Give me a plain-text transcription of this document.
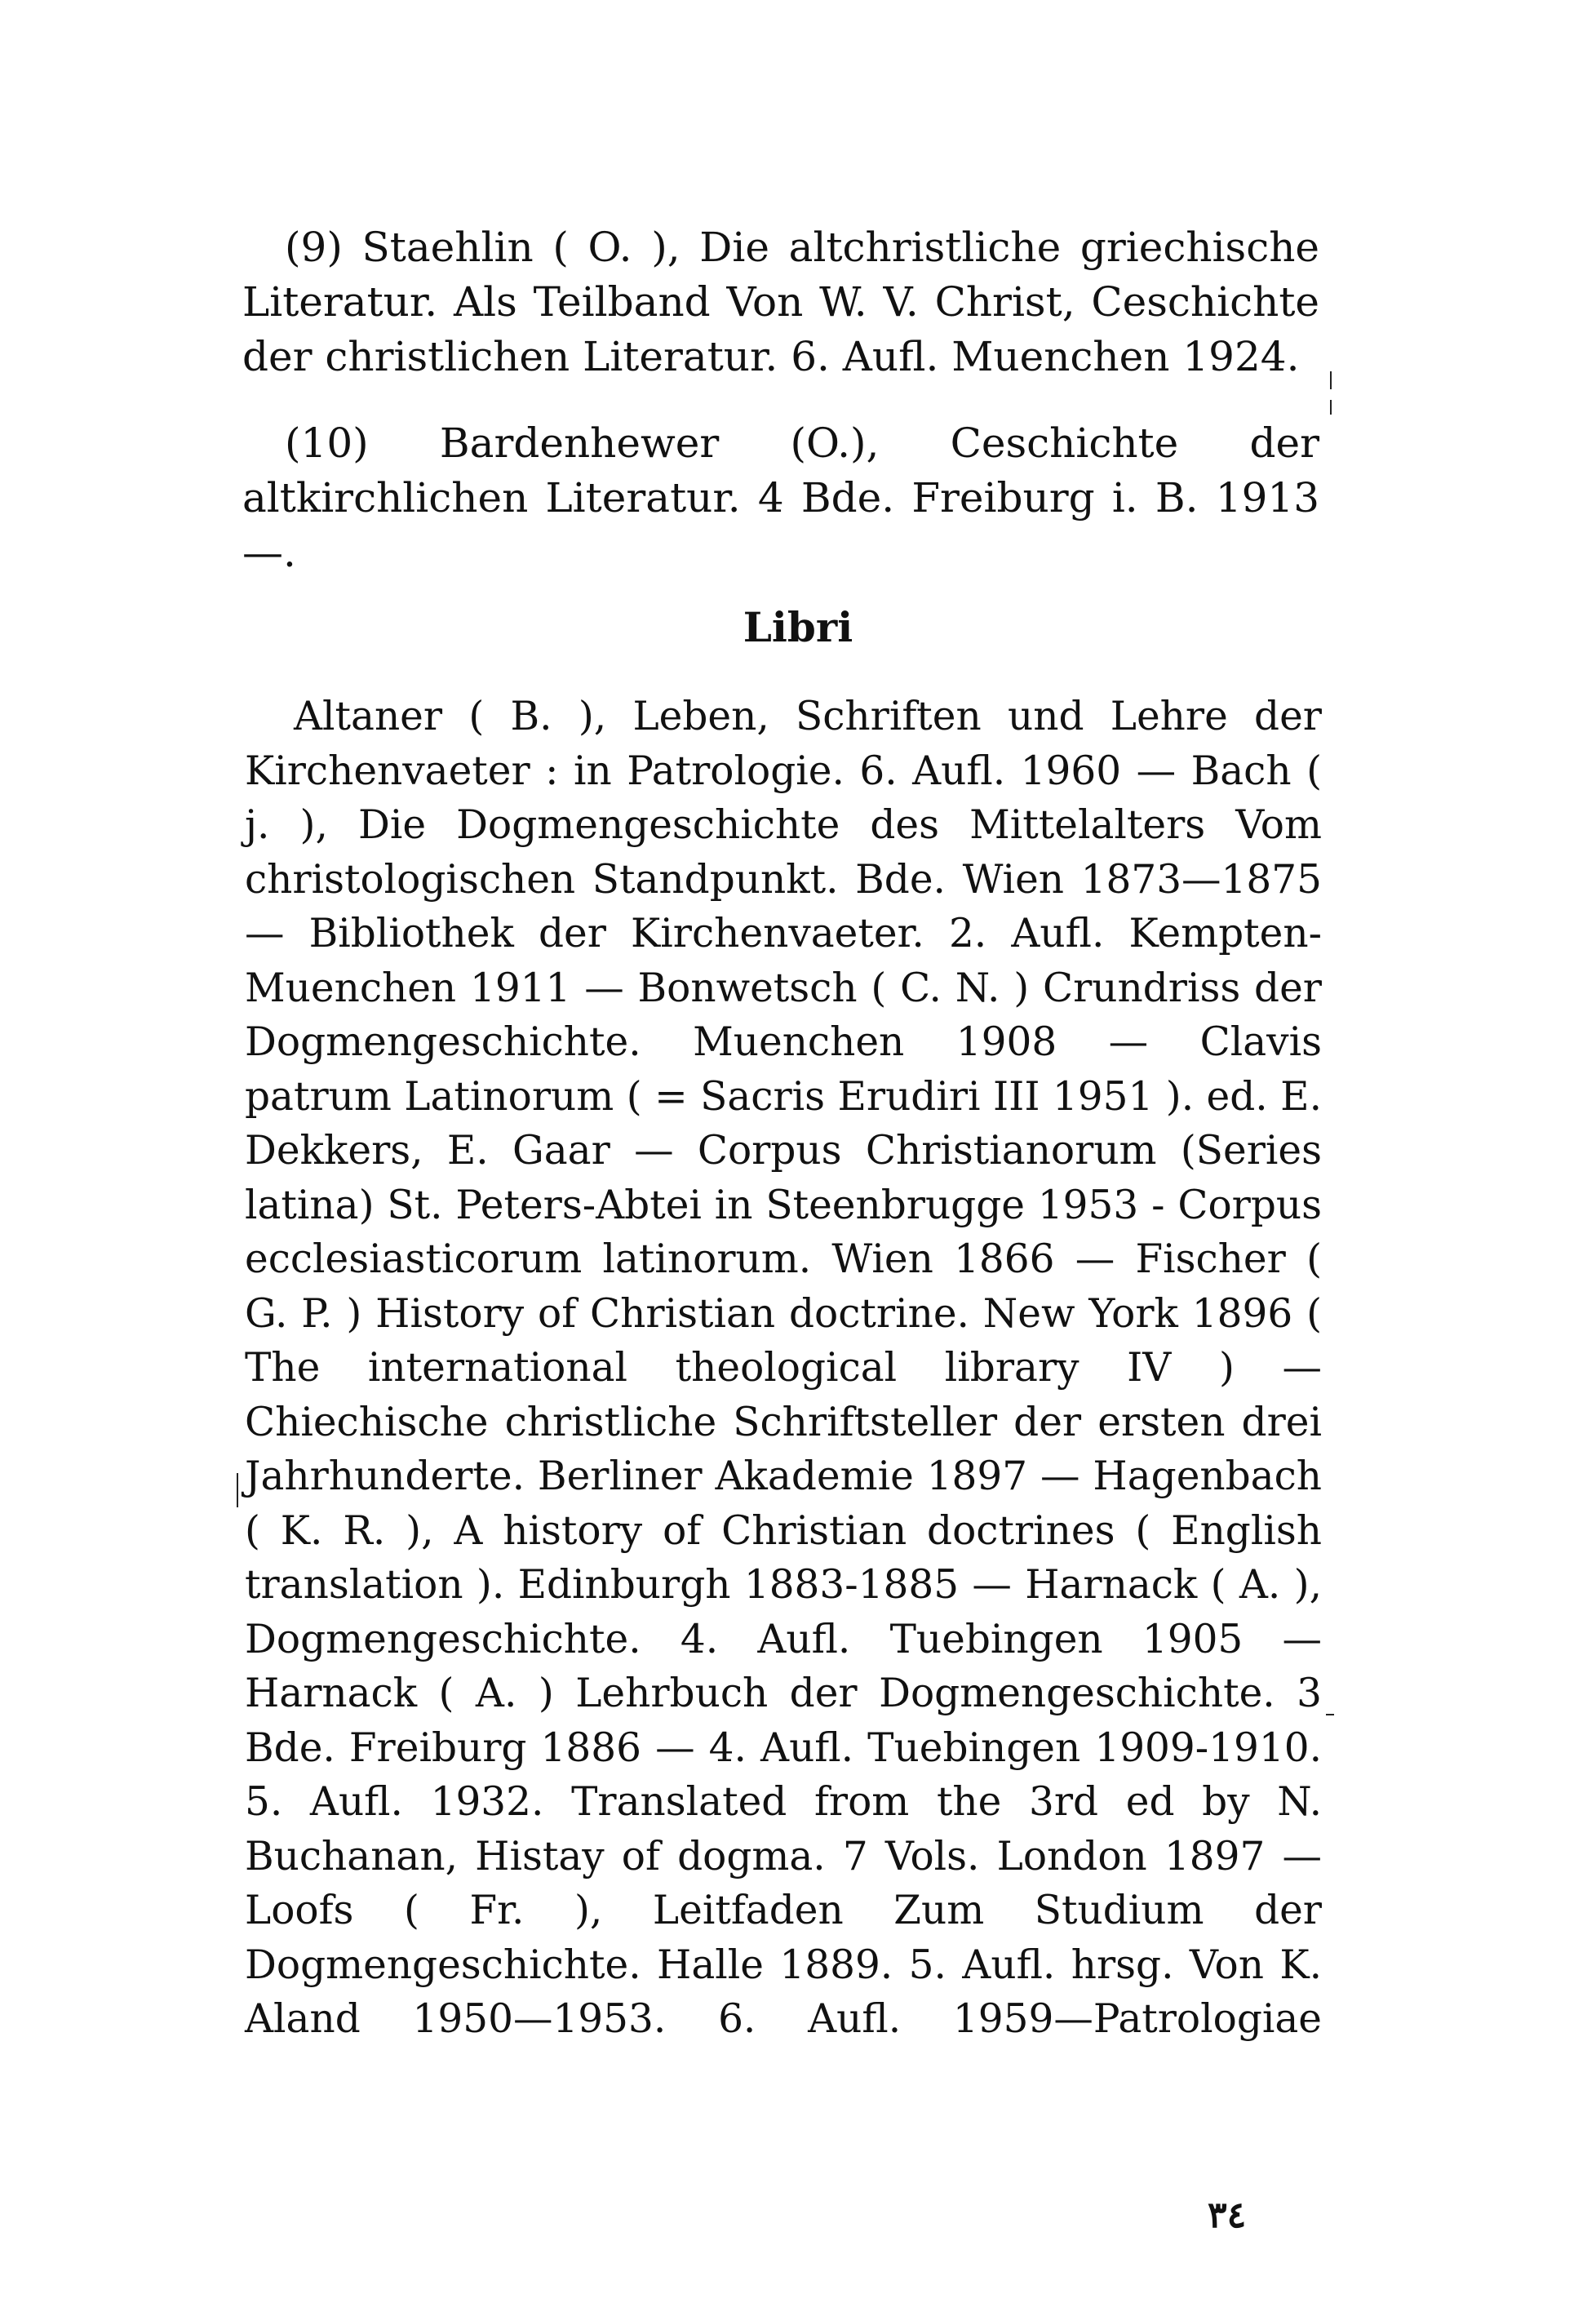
(9) Staehlin ( O. ), Die altchristliche griechische Literatur. Als Teilband Von W. V. Christ, Ceschichte der christlichen Literatur. 6. Aufl. Muenchen 1924.

(10) Bardenhewer (O.), Ceschichte der altkirchlichen Literatur. 4 Bde. Freiburg i. B. 1913 —.

Libri

Altaner ( B. ), Leben, Schriften und Lehre der Kirchenvaeter : in Patrologie. 6. Aufl. 1960 — Bach ( j. ), Die Dogmengeschichte des Mittelalters Vom christologischen Standpunkt. Bde. Wien 1873—1875— Bibliothek der Kirchenvaeter. 2. Aufl. Kempten- Muenchen 1911 — Bonwetsch ( C. N. ) Crundriss der Dogmengeschichte. Muenchen 1908 — Clavis patrum Latinorum ( = Sacris Erudiri III 1951 ). ed. E. Dekkers, E. Gaar — Corpus Christianorum (Series latina) St. Peters-Abtei in Steenbrugge 1953 - Corpus ecclesiasticorum latinorum. Wien 1866 — Fischer ( G. P. ) History of Christian doctrine. New York 1896 ( The international theological library IV ) — Chiechische christliche Schriftsteller der ersten drei Jahrhunderte. Berliner Akademie 1897 — Hagenbach ( K. R. ), A history of Christian doctrines ( English translation ). Edinburgh 1883-1885 — Harnack ( A. ), Dogmengeschichte. 4. Aufl. Tuebingen 1905 — Harnack ( A. ) Lehrbuch der Dogmengeschichte. 3 Bde. Freiburg 1886 — 4. Aufl. Tuebingen 1909-1910. 5. Aufl. 1932. Translated from the 3rd ed by N. Buchanan, Histay of dogma. 7 Vols. London 1897 — Loofs ( Fr. ), Leitfaden Zum Studium der Dogmengeschichte. Halle 1889. 5. Aufl. hrsg. Von K. Aland 1950—1953. 6. Aufl. 1959—Patrologiae

٣٤
